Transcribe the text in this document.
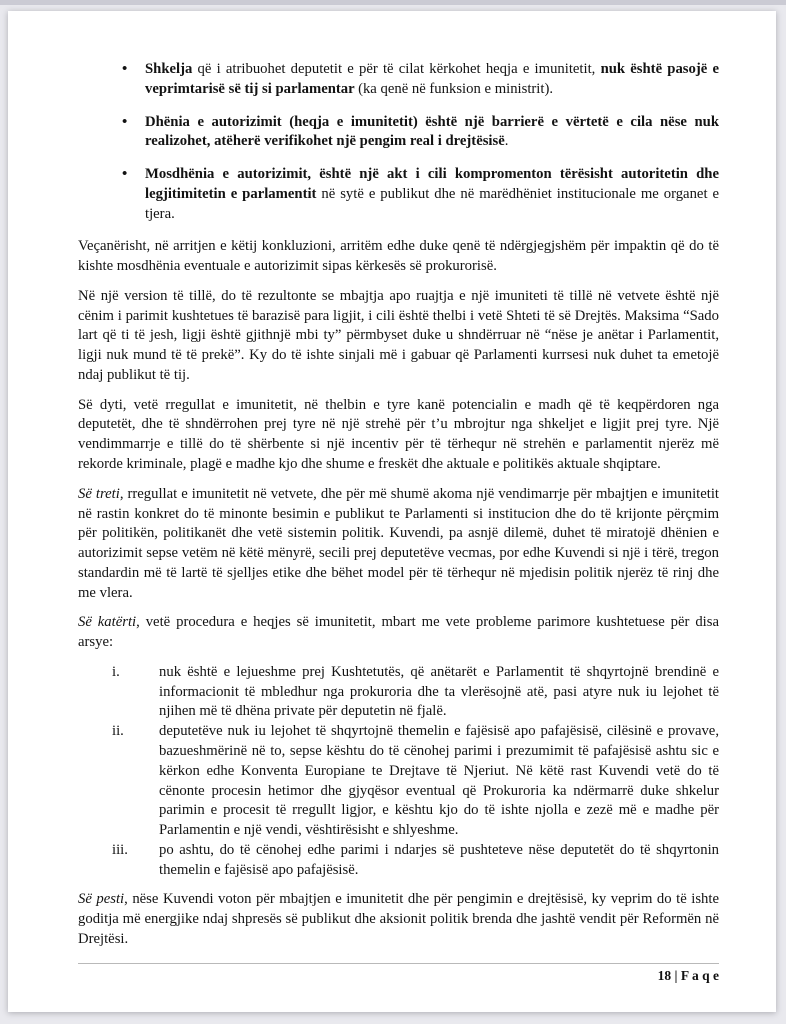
• Shkelja që i atribuohet deputetit e për të cilat kërkohet heqja e imunitetit, nuk është pasojë e veprimtarisë së tij si parlamentar (ka qenë në funksion e ministrit).
• Dhënia e autorizimit (heqja e imunitetit) është një barrierë e vërtetë e cila nëse nuk realizohet, atëherë verifikohet një pengim real i drejtësisë.
• Mosdhënia e autorizimit, është një akt i cili kompromenton tërësisht autoritetin dhe legjitimitetin e parlamentit në sytë e publikut dhe në marëdhëniet institucionale me organet e tjera.

Veçanërisht, në arritjen e këtij konkluzioni, arritëm edhe duke qenë të ndërgjegjshëm për impaktin që do të kishte mosdhënia eventuale e autorizimit sipas kërkesës së prokurorisë.

Në një version të tillë, do të rezultonte se mbajtja apo ruajtja e një imuniteti të tillë në vetvete është një cënim i parimit kushtetues të barazisë para ligjit, i cili është thelbi i vetë Shteti të së Drejtës. Maksima “Sado lart që ti të jesh, ligji është gjithnjë mbi ty” përmbyset duke u shndërruar në “nëse je anëtar i Parlamentit, ligji nuk mund të të prekë”. Ky do të ishte sinjali më i gabuar që Parlamenti kurrsesi nuk duhet ta emetojë ndaj publikut të tij.

Së dyti, vetë rregullat e imunitetit, në thelbin e tyre kanë potencialin e madh që të keqpërdoren nga deputetët, dhe të shndërrohen prej tyre në një strehë për t’u mbrojtur nga shkeljet e ligjit prej tyre. Një vendimmarrje e tillë do të shërbente si një incentiv për të tërhequr në strehën e parlamentit njerëz më rekorde kriminale, plagë e madhe kjo dhe shume e freskët dhe aktuale e politikës aktuale shqiptare.

Së treti, rregullat e imunitetit në vetvete, dhe për më shumë akoma një vendimarrje për mbajtjen e imunitetit në rastin konkret do të minonte besimin e publikut te Parlamenti si institucion dhe do të krijonte përçmim për politikën, politikanët dhe vetë sistemin politik. Kuvendi, pa asnjë dilemë, duhet të miratojë dhënien e autorizimit sepse vetëm në këtë mënyrë, secili prej deputetëve vecmas, por edhe Kuvendi si një i tërë, tregon standardin më të lartë të sjelljes etike dhe bëhet model për të tërhequr në mjedisin politik njerëz të rinj dhe me vlera.

Së katërti, vetë procedura e heqjes së imunitetit, mbart me vete probleme parimore kushtetuese për disa arsye:

i.	nuk është e lejueshme prej Kushtetutës, që anëtarët e Parlamentit të shqyrtojnë brendinë e informacionit të mbledhur nga prokuroria dhe ta vlerësojnë atë, pasi atyre nuk iu lejohet të njihen më të dhëna private për deputetin në fjalë.
ii.	deputetëve nuk iu lejohet të shqyrtojnë themelin e fajësisë apo pafajësisë, cilësinë e provave, bazueshmërinë në to, sepse kështu do të cënohej parimi i prezumimit të pafajësisë ashtu sic e kërkon edhe Konventa Europiane te Drejtave të Njeriut. Në këtë rast Kuvendi vetë do të cënonte procesin hetimor dhe gjyqësor eventual që Prokuroria ka ndërmarrë duke shkelur parimin e procesit të rregullt ligjor, e kështu kjo do të ishte njolla e zezë më e madhe për Parlamentin e një vendi, vështirësisht e shlyeshme.
iii.	po ashtu, do të cënohej edhe parimi i ndarjes së pushteteve nëse deputetët do të shqyrtonin themelin e fajësisë apo pafajësisë.

Së pesti, nëse Kuvendi voton për mbajtjen e imunitetit dhe për pengimin e drejtësisë, ky veprim do të ishte goditja më energjike ndaj shpresës së publikut dhe aksionit politik brenda dhe jashtë vendit për Reformën në Drejtësi.

18 | F a q e
